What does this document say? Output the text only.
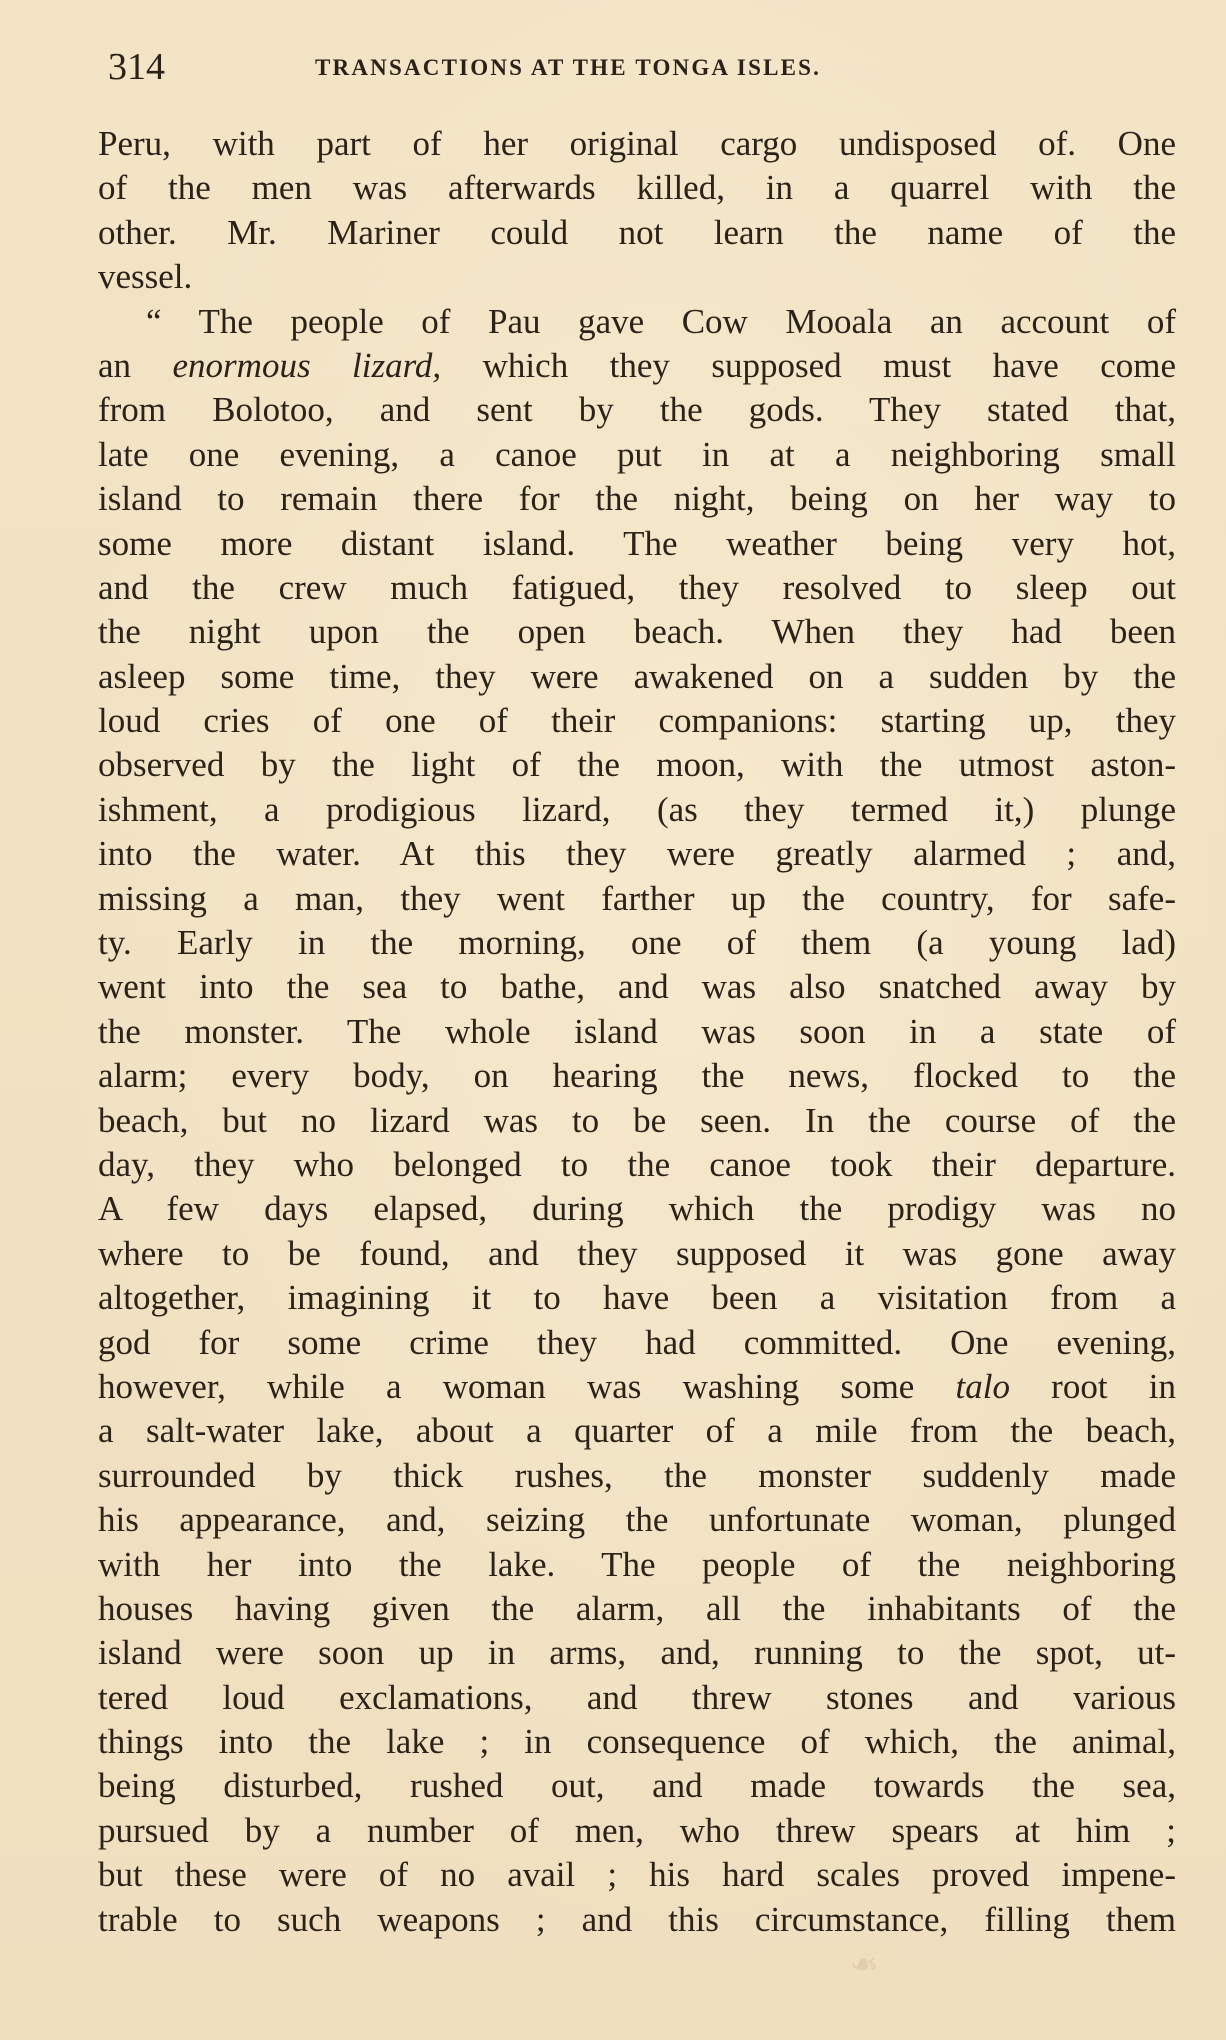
314	TRANSACTIONS AT THE TONGA ISLES.
Peru, with part of her original cargo undisposed of. One
of the men was afterwards killed, in a quarrel with the
other. Mr. Mariner could not learn the name of the
vessel.
“ The people of Pau gave Cow Mooala an account of
an enormous lizard, which they supposed must have come
from Bolotoo, and sent by the gods. They stated that,
late one evening, a canoe put in at a neighboring small
island to remain there for the night, being on her way to
some more distant island. The weather being very hot,
and the crew much fatigued, they resolved to sleep out
the night upon the open beach. When they had been
asleep some time, they were awakened on a sudden by the
loud cries of one of their companions: starting up, they
observed by the light of the moon, with the utmost aston-
ishment, a prodigious lizard, (as they termed it,) plunge
into the water. At this they were greatly alarmed ; and,
missing a man, they went farther up the country, for safe-
ty. Early in the morning, one of them (a young lad)
went into the sea to bathe, and was also snatched away by
the monster. The whole island was soon in a state of
alarm; every body, on hearing the news, flocked to the
beach, but no lizard was to be seen. In the course of the
day, they who belonged to the canoe took their departure.
A few days elapsed, during which the prodigy was no
where to be found, and they supposed it was gone away
altogether, imagining it to have been a visitation from a
god for some crime they had committed. One evening,
however, while a woman was washing some talo root in
a salt-water lake, about a quarter of a mile from the beach,
surrounded by thick rushes, the monster suddenly made
his appearance, and, seizing the unfortunate woman, plunged
with her into the lake. The people of the neighboring
houses having given the alarm, all the inhabitants of the
island were soon up in arms, and, running to the spot, ut-
tered loud exclamations, and threw stones and various
things into the lake ; in consequence of which, the animal,
being disturbed, rushed out, and made towards the sea,
pursued by a number of men, who threw spears at him ;
but these were of no avail ; his hard scales proved impene-
trable to such weapons ; and this circumstance, filling them
❧
